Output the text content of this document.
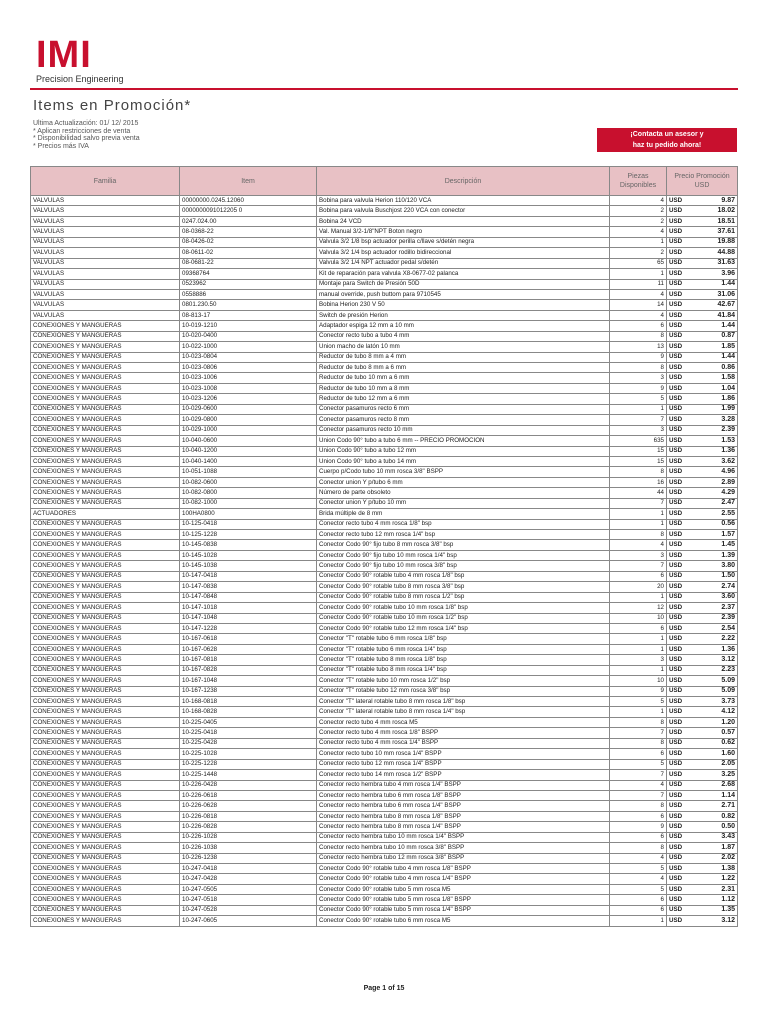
IMI
Precision Engineering
Items en Promoción*
Ultima Actualización: 01/ 12/ 2015
* Aplican restricciones de venta
* Disponibilidad salvo previa venta
* Precios más IVA
¡Contacta un asesor y
haz tu pedido ahora!
Familia	Item	Descripción	Piezas Disponibles	Precio Promoción USD	
VALVULAS	00000000.0245.12060	Bobina para valvula Herion 110/120 VCA	4	USD	9.87
VALVULAS	0000000091012205 0	Bobina para valvula Buschjost 220 VCA con conector	2	USD	18.02
VALVULAS	0247.024.00	Bobina 24 VCD	2	USD	18.51
VALVULAS	08-0368-22	Val. Manual 3/2-1/8"NPT Boton negro	4	USD	37.61
VALVULAS	08-0426-02	Valvula 3/2 1/8 bsp actuador perilla c/llave s/detén negra	1	USD	19.88
VALVULAS	08-0611-02	Valvula 3/2 1/4 bsp actuador rodillo bidireccional	2	USD	44.88
VALVULAS	08-0681-22	Valvula 3/2 1/4 NPT actuador pedal s/detén	65	USD	31.63
VALVULAS	09368764	Kit de reparación para valvula X8-0677-02 palanca	1	USD	3.96
VALVULAS	0523962	Montaje para Switch de Presión 50D	11	USD	1.44
VALVULAS	0558886	manual override, push buttom para 9710545	4	USD	31.06
VALVULAS	0801.230.50	Bobina Herion 230 V 50	14	USD	42.67
VALVULAS	08-813-17	Switch de presión Herion	4	USD	41.84
CONEXIONES Y MANGUERAS	10-019-1210	Adaptador espiga 12 mm a 10 mm	6	USD	1.44
CONEXIONES Y MANGUERAS	10-020-0400	Conector recto tubo a tubo 4 mm	8	USD	0.87
CONEXIONES Y MANGUERAS	10-022-1000	Union macho de latón 10 mm	13	USD	1.85
CONEXIONES Y MANGUERAS	10-023-0804	Reductor de tubo 8 mm a 4 mm	9	USD	1.44
CONEXIONES Y MANGUERAS	10-023-0806	Reductor de tubo 8 mm a 6 mm	8	USD	0.86
CONEXIONES Y MANGUERAS	10-023-1006	Reductor de tubo 10 mm a 6 mm	3	USD	1.58
CONEXIONES Y MANGUERAS	10-023-1008	Reductor de tubo 10 mm a 8 mm	9	USD	1.04
CONEXIONES Y MANGUERAS	10-023-1206	Reductor de tubo 12 mm a 6 mm	5	USD	1.86
CONEXIONES Y MANGUERAS	10-029-0600	Conector pasamuros recto 6 mm	1	USD	1.99
CONEXIONES Y MANGUERAS	10-029-0800	Conector pasamuros recto 8 mm	7	USD	3.28
CONEXIONES Y MANGUERAS	10-029-1000	Conector pasamuros recto 10 mm	3	USD	2.39
CONEXIONES Y MANGUERAS	10-040-0600	Union Codo 90° tubo a tubo 6 mm -- PRECIO PROMOCION	635	USD	1.53
CONEXIONES Y MANGUERAS	10-040-1200	Union Codo 90° tubo a tubo 12 mm	15	USD	1.36
CONEXIONES Y MANGUERAS	10-040-1400	Union Codo 90° tubo a tubo 14 mm	15	USD	3.62
CONEXIONES Y MANGUERAS	10-051-1088	Cuerpo p/Codo tubo 10 mm rosca 3/8" BSPP	8	USD	4.96
CONEXIONES Y MANGUERAS	10-082-0600	Conector union Y p/tubo 6 mm	16	USD	2.89
CONEXIONES Y MANGUERAS	10-082-0800	Número de parte obsoleto	44	USD	4.29
CONEXIONES Y MANGUERAS	10-082-1000	Conector union Y p/tubo 10 mm	7	USD	2.47
ACTUADORES	100HA0800	Brida múltiple de 8 mm	1	USD	2.55
CONEXIONES Y MANGUERAS	10-125-0418	Conector recto tubo 4 mm rosca 1/8" bsp	1	USD	0.56
CONEXIONES Y MANGUERAS	10-125-1228	Conector recto tubo 12 mm rosca 1/4" bsp	8	USD	1.57
CONEXIONES Y MANGUERAS	10-145-0838	Conector Codo 90° fijo tubo 8 mm rosca 3/8" bsp	4	USD	1.45
CONEXIONES Y MANGUERAS	10-145-1028	Conector Codo 90° fijo tubo 10 mm rosca 1/4" bsp	3	USD	1.39
CONEXIONES Y MANGUERAS	10-145-1038	Conector Codo 90° fijo tubo 10 mm rosca 3/8" bsp	7	USD	3.80
CONEXIONES Y MANGUERAS	10-147-0418	Conector Codo 90° rotable tubo 4 mm rosca 1/8" bsp	6	USD	1.50
CONEXIONES Y MANGUERAS	10-147-0838	Conector Codo 90° rotable tubo 8 mm rosca 3/8" bsp	20	USD	2.74
CONEXIONES Y MANGUERAS	10-147-0848	Conector Codo 90° rotable tubo 8 mm rosca 1/2" bsp	1	USD	3.60
CONEXIONES Y MANGUERAS	10-147-1018	Conector Codo 90° rotable tubo 10 mm rosca 1/8" bsp	12	USD	2.37
CONEXIONES Y MANGUERAS	10-147-1048	Conector Codo 90° rotable tubo 10 mm rosca 1/2" bsp	10	USD	2.39
CONEXIONES Y MANGUERAS	10-147-1228	Conector Codo 90° rotable tubo 12 mm rosca 1/4" bsp	6	USD	2.54
CONEXIONES Y MANGUERAS	10-167-0618	Conector "T" rotable tubo 6 mm rosca 1/8" bsp	1	USD	2.22
CONEXIONES Y MANGUERAS	10-167-0628	Conector "T" rotable tubo 6 mm rosca 1/4" bsp	1	USD	1.36
CONEXIONES Y MANGUERAS	10-167-0818	Conector "T" rotable tubo 8 mm rosca 1/8" bsp	3	USD	3.12
CONEXIONES Y MANGUERAS	10-167-0828	Conector "T" rotable tubo 8 mm rosca 1/4" bsp	1	USD	2.23
CONEXIONES Y MANGUERAS	10-167-1048	Conector "T" rotable tubo 10 mm rosca 1/2" bsp	10	USD	5.09
CONEXIONES Y MANGUERAS	10-167-1238	Conector "T" rotable tubo 12 mm rosca 3/8" bsp	9	USD	5.09
CONEXIONES Y MANGUERAS	10-168-0818	Conector "T" lateral rotable tubo 8 mm rosca 1/8" bsp	5	USD	3.73
CONEXIONES Y MANGUERAS	10-168-0828	Conector "T" lateral rotable tubo 8 mm rosca 1/4" bsp	1	USD	4.12
CONEXIONES Y MANGUERAS	10-225-0405	Conector recto tubo 4 mm rosca M5	8	USD	1.20
CONEXIONES Y MANGUERAS	10-225-0418	Conector recto tubo 4 mm rosca 1/8" BSPP	7	USD	0.57
CONEXIONES Y MANGUERAS	10-225-0428	Conector recto tubo 4 mm rosca 1/4" BSPP	8	USD	0.62
CONEXIONES Y MANGUERAS	10-225-1028	Conector recto tubo 10 mm rosca 1/4" BSPP	6	USD	1.60
CONEXIONES Y MANGUERAS	10-225-1228	Conector recto tubo 12 mm rosca 1/4" BSPP	5	USD	2.05
CONEXIONES Y MANGUERAS	10-225-1448	Conector recto tubo 14 mm rosca 1/2" BSPP	7	USD	3.25
CONEXIONES Y MANGUERAS	10-226-0428	Conector recto hembra tubo 4 mm rosca 1/4" BSPP	4	USD	2.68
CONEXIONES Y MANGUERAS	10-226-0618	Conector recto hembra tubo 6 mm rosca 1/8" BSPP	7	USD	1.14
CONEXIONES Y MANGUERAS	10-226-0628	Conector recto hembra tubo 6 mm rosca 1/4" BSPP	8	USD	2.71
CONEXIONES Y MANGUERAS	10-226-0818	Conector recto hembra tubo 8 mm rosca 1/8" BSPP	6	USD	0.82
CONEXIONES Y MANGUERAS	10-226-0828	Conector recto hembra tubo 8 mm rosca 1/4" BSPP	9	USD	0.50
CONEXIONES Y MANGUERAS	10-226-1028	Conector recto hembra tubo 10 mm rosca 1/4" BSPP	6	USD	3.43
CONEXIONES Y MANGUERAS	10-226-1038	Conector recto hembra tubo 10 mm rosca 3/8" BSPP	8	USD	1.87
CONEXIONES Y MANGUERAS	10-226-1238	Conector recto hembra tubo 12 mm rosca 3/8" BSPP	4	USD	2.02
CONEXIONES Y MANGUERAS	10-247-0418	Conector Codo 90° rotable tubo 4 mm rosca 1/8" BSPP	5	USD	1.38
CONEXIONES Y MANGUERAS	10-247-0428	Conector Codo 90° rotable tubo 4 mm rosca 1/4" BSPP	4	USD	1.22
CONEXIONES Y MANGUERAS	10-247-0505	Conector Codo 90° rotable tubo 5 mm rosca M5	5	USD	2.31
CONEXIONES Y MANGUERAS	10-247-0518	Conector Codo 90° rotable tubo 5 mm rosca 1/8" BSPP	6	USD	1.12
CONEXIONES Y MANGUERAS	10-247-0528	Conector Codo 90° rotable tubo 5 mm rosca 1/4" BSPP	6	USD	1.35
CONEXIONES Y MANGUERAS	10-247-0605	Conector Codo 90° rotable tubo 6 mm rosca M5	1	USD	3.12
Page 1 of 15
